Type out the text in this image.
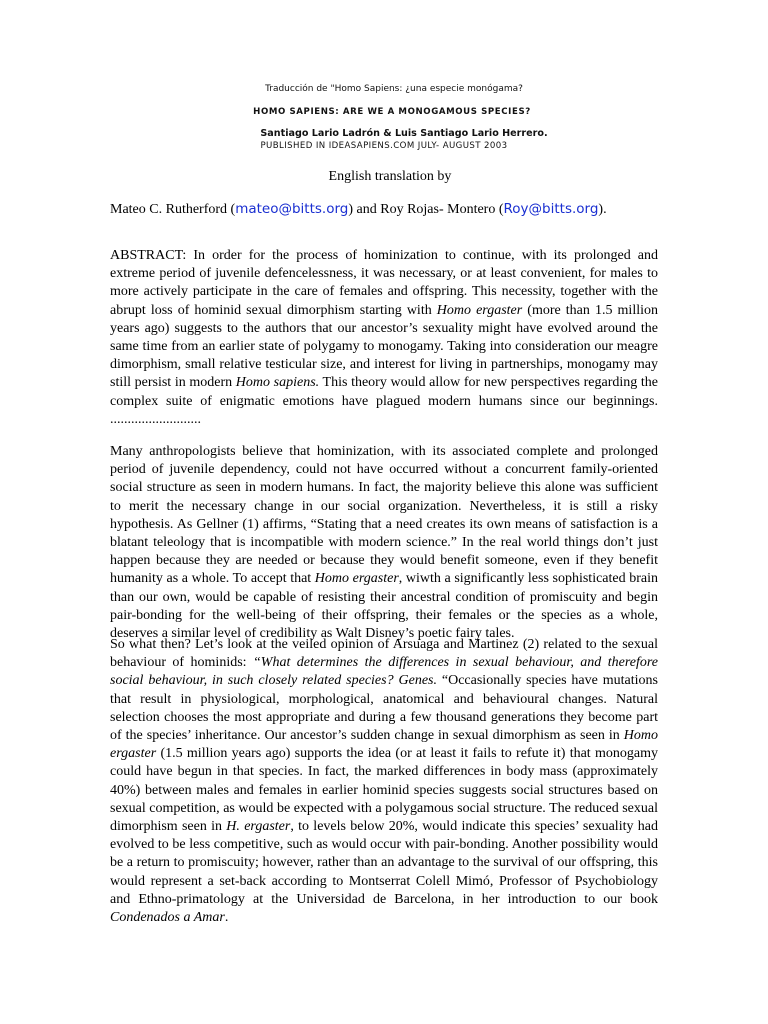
Traducción de "Homo Sapiens: ¿una especie monógama?
HOMO SAPIENS: ARE WE A MONOGAMOUS SPECIES?
Santiago Lario Ladrón & Luis Santiago Lario Herrero.
PUBLISHED IN IDEASAPIENS.COM JULY- AUGUST 2003
English translation by
Mateo C. Rutherford (mateo@bitts.org) and Roy Rojas- Montero (Roy@bitts.org).
ABSTRACT: In order for the process of hominization to continue, with its prolonged and extreme period of juvenile defencelessness, it was necessary, or at least convenient, for males to more actively participate in the care of females and offspring. This necessity, together with the abrupt loss of hominid sexual dimorphism starting with Homo ergaster (more than 1.5 million years ago) suggests to the authors that our ancestor’s sexuality might have evolved around the same time from an earlier state of polygamy to monogamy. Taking into consideration our meagre dimorphism, small relative testicular size, and interest for living in partnerships, monogamy may still persist in modern Homo sapiens. This theory would allow for new perspectives regarding the complex suite of enigmatic emotions have plagued modern humans since our beginnings. ..........................
Many anthropologists believe that hominization, with its associated complete and prolonged period of juvenile dependency, could not have occurred without a concurrent family-oriented social structure as seen in modern humans. In fact, the majority believe this alone was sufficient to merit the necessary change in our social organization. Nevertheless, it is still a risky hypothesis. As Gellner (1) affirms, “Stating that a need creates its own means of satisfaction is a blatant teleology that is incompatible with modern science.” In the real world things don’t just happen because they are needed or because they would benefit someone, even if they benefit humanity as a whole. To accept that Homo ergaster, wiwth a significantly less sophisticated brain than our own, would be capable of resisting their ancestral condition of promiscuity and begin pair-bonding for the well-being of their offspring, their females or the species as a whole, deserves a similar level of credibility as Walt Disney’s poetic fairy tales.
So what then? Let’s look at the veiled opinion of Arsuaga and Martinez (2) related to the sexual behaviour of hominids: “What determines the differences in sexual behaviour, and therefore social behaviour, in such closely related species? Genes. “Occasionally species have mutations that result in physiological, morphological, anatomical and behavioural changes. Natural selection chooses the most appropriate and during a few thousand generations they become part of the species’ inheritance. Our ancestor’s sudden change in sexual dimorphism as seen in Homo ergaster (1.5 million years ago) supports the idea (or at least it fails to refute it) that monogamy could have begun in that species. In fact, the marked differences in body mass (approximately 40%) between males and females in earlier hominid species suggests social structures based on sexual competition, as would be expected with a polygamous social structure. The reduced sexual dimorphism seen in H. ergaster, to levels below 20%, would indicate this species’ sexuality had evolved to be less competitive, such as would occur with pair-bonding. Another possibility would be a return to promiscuity; however, rather than an advantage to the survival of our offspring, this would represent a set-back according to Montserrat Colell Mimó, Professor of Psychobiology and Ethno-primatology at the Universidad de Barcelona, in her introduction to our book Condenados a Amar.
